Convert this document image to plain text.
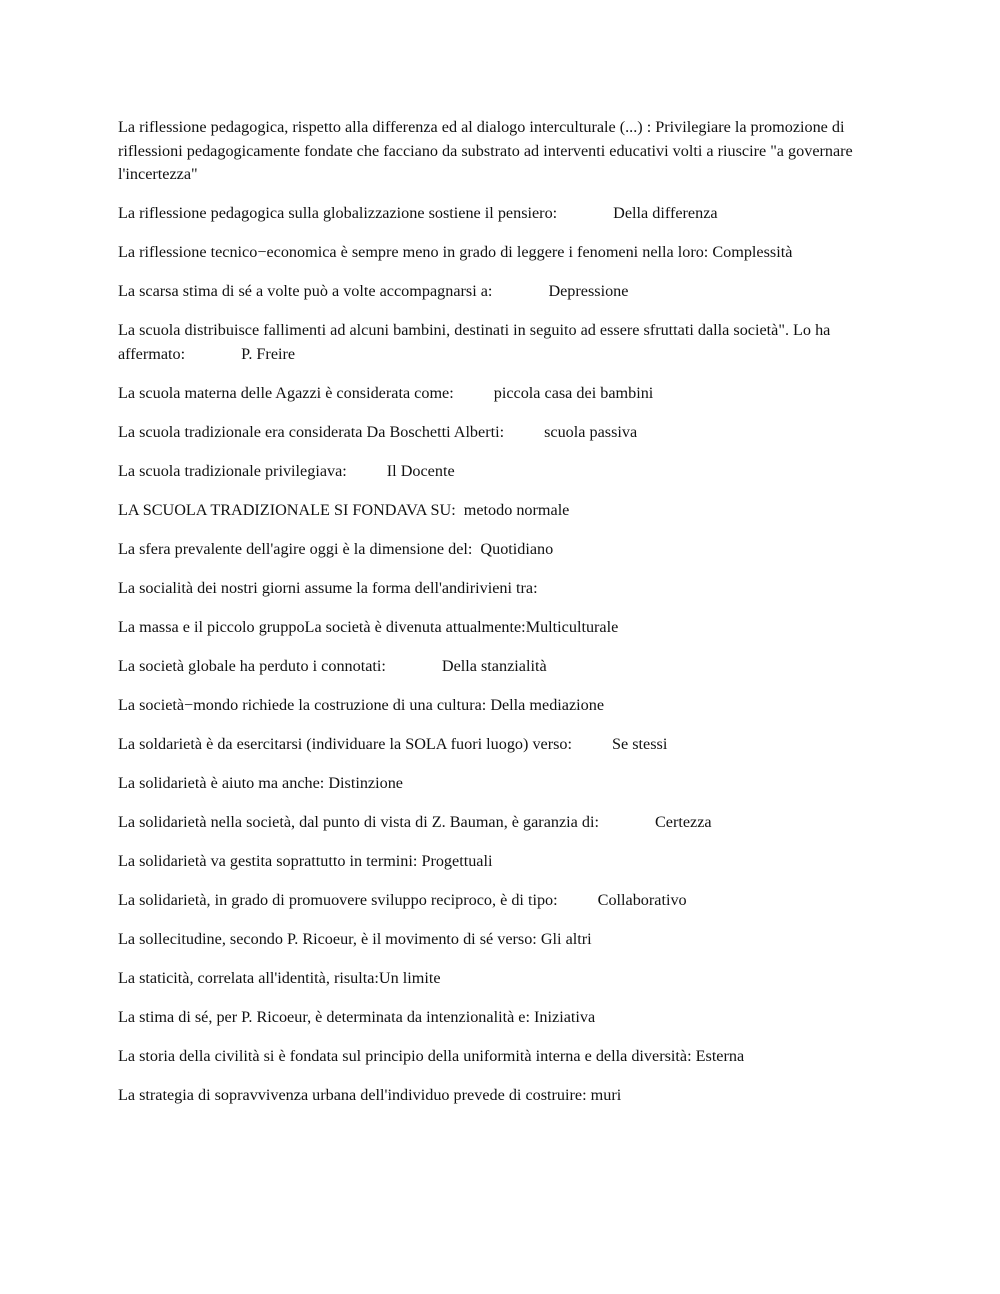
La riflessione pedagogica, rispetto alla differenza ed al dialogo interculturale (...) : Privilegiare la promozione di riflessioni pedagogicamente fondate che facciano da substrato ad interventi educativi volti a riuscire "a governare l'incertezza"

La riflessione pedagogica sulla globalizzazione sostiene il pensiero:	Della differenza

La riflessione tecnico−economica è sempre meno in grado di leggere i fenomeni nella loro: Complessità

La scarsa stima di sé a volte può a volte accompagnarsi a:	Depressione

La scuola distribuisce fallimenti ad alcuni bambini, destinati in seguito ad essere sfruttati dalla società". Lo ha affermato:	P. Freire

La scuola materna delle Agazzi è considerata come: piccola casa dei bambini

La scuola tradizionale era considerata Da Boschetti Alberti: scuola passiva

La scuola tradizionale privilegiava: Il Docente

LA SCUOLA TRADIZIONALE SI FONDAVA SU: metodo normale

La sfera prevalente dell'agire oggi è la dimensione del: Quotidiano

La socialità dei nostri giorni assume la forma dell'andirivieni tra:

La massa e il piccolo gruppoLa società è divenuta attualmente:Multiculturale

La società globale ha perduto i connotati:	Della stanzialità

La società−mondo richiede la costruzione di una cultura: Della mediazione

La soldarietà è da esercitarsi (individuare la SOLA fuori luogo) verso: Se stessi

La solidarietà è aiuto ma anche: Distinzione

La solidarietà nella società, dal punto di vista di Z. Bauman, è garanzia di:	Certezza

La solidarietà va gestita soprattutto in termini: Progettuali

La solidarietà, in grado di promuovere sviluppo reciproco, è di tipo: Collaborativo

La sollecitudine, secondo P. Ricoeur, è il movimento di sé verso: Gli altri

La staticità, correlata all'identità, risulta:Un limite

La stima di sé, per P. Ricoeur, è determinata da intenzionalità e: Iniziativa

La storia della civilità si è fondata sul principio della uniformità interna e della diversità: Esterna

La strategia di sopravvivenza urbana dell'individuo prevede di costruire: muri
